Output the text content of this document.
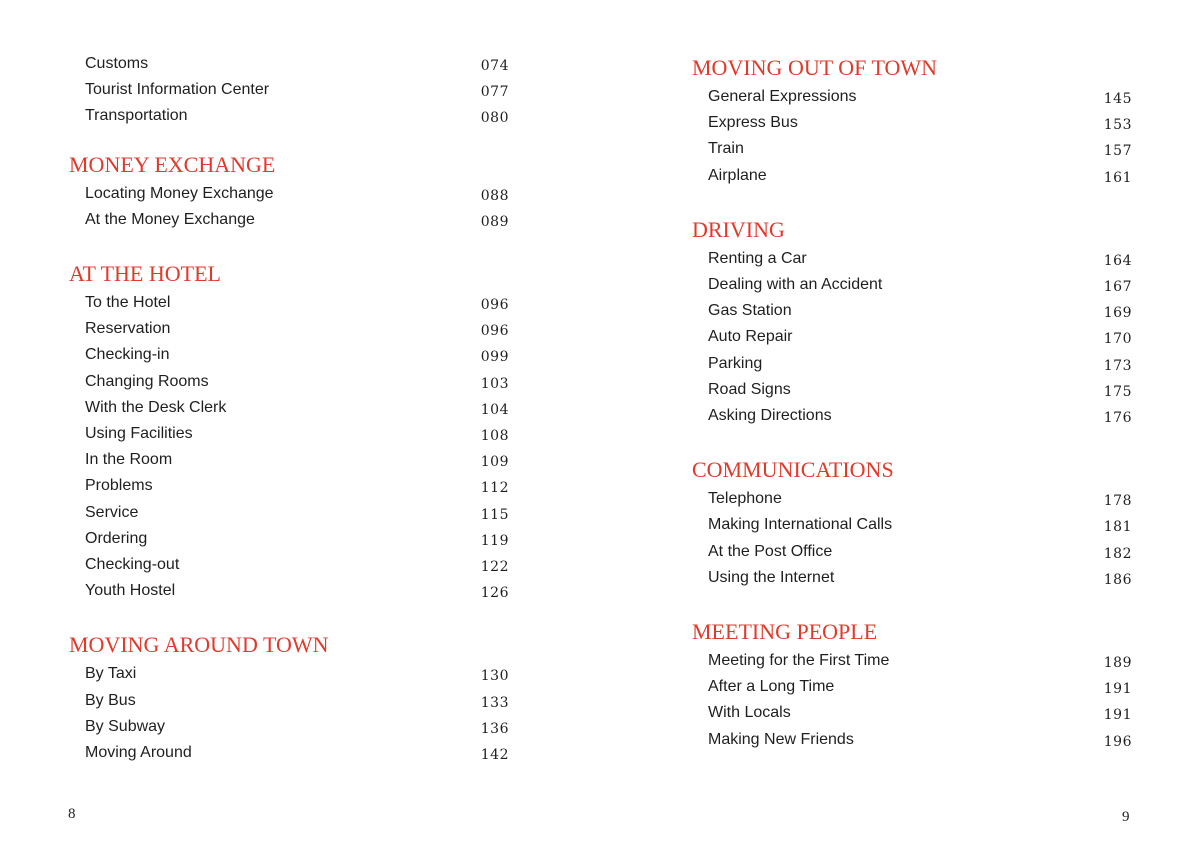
Customs	074
Tourist Information Center	077
Transportation	080
MONEY EXCHANGE
Locating Money Exchange	088
At the Money Exchange	089
AT THE HOTEL
To the Hotel	096
Reservation	096
Checking-in	099
Changing Rooms	103
With the Desk Clerk	104
Using Facilities	108
In the Room	109
Problems	112
Service	115
Ordering	119
Checking-out	122
Youth Hostel	126
MOVING AROUND TOWN
By Taxi	130
By Bus	133
By Subway	136
Moving Around	142
MOVING OUT OF TOWN
General Expressions	145
Express Bus	153
Train	157
Airplane	161
DRIVING
Renting a Car	164
Dealing with an Accident	167
Gas Station	169
Auto Repair	170
Parking	173
Road Signs	175
Asking Directions	176
COMMUNICATIONS
Telephone	178
Making International Calls	181
At the Post Office	182
Using the Internet	186
MEETING PEOPLE
Meeting for the First Time	189
After a Long Time	191
With Locals	191
Making New Friends	196
8	9
